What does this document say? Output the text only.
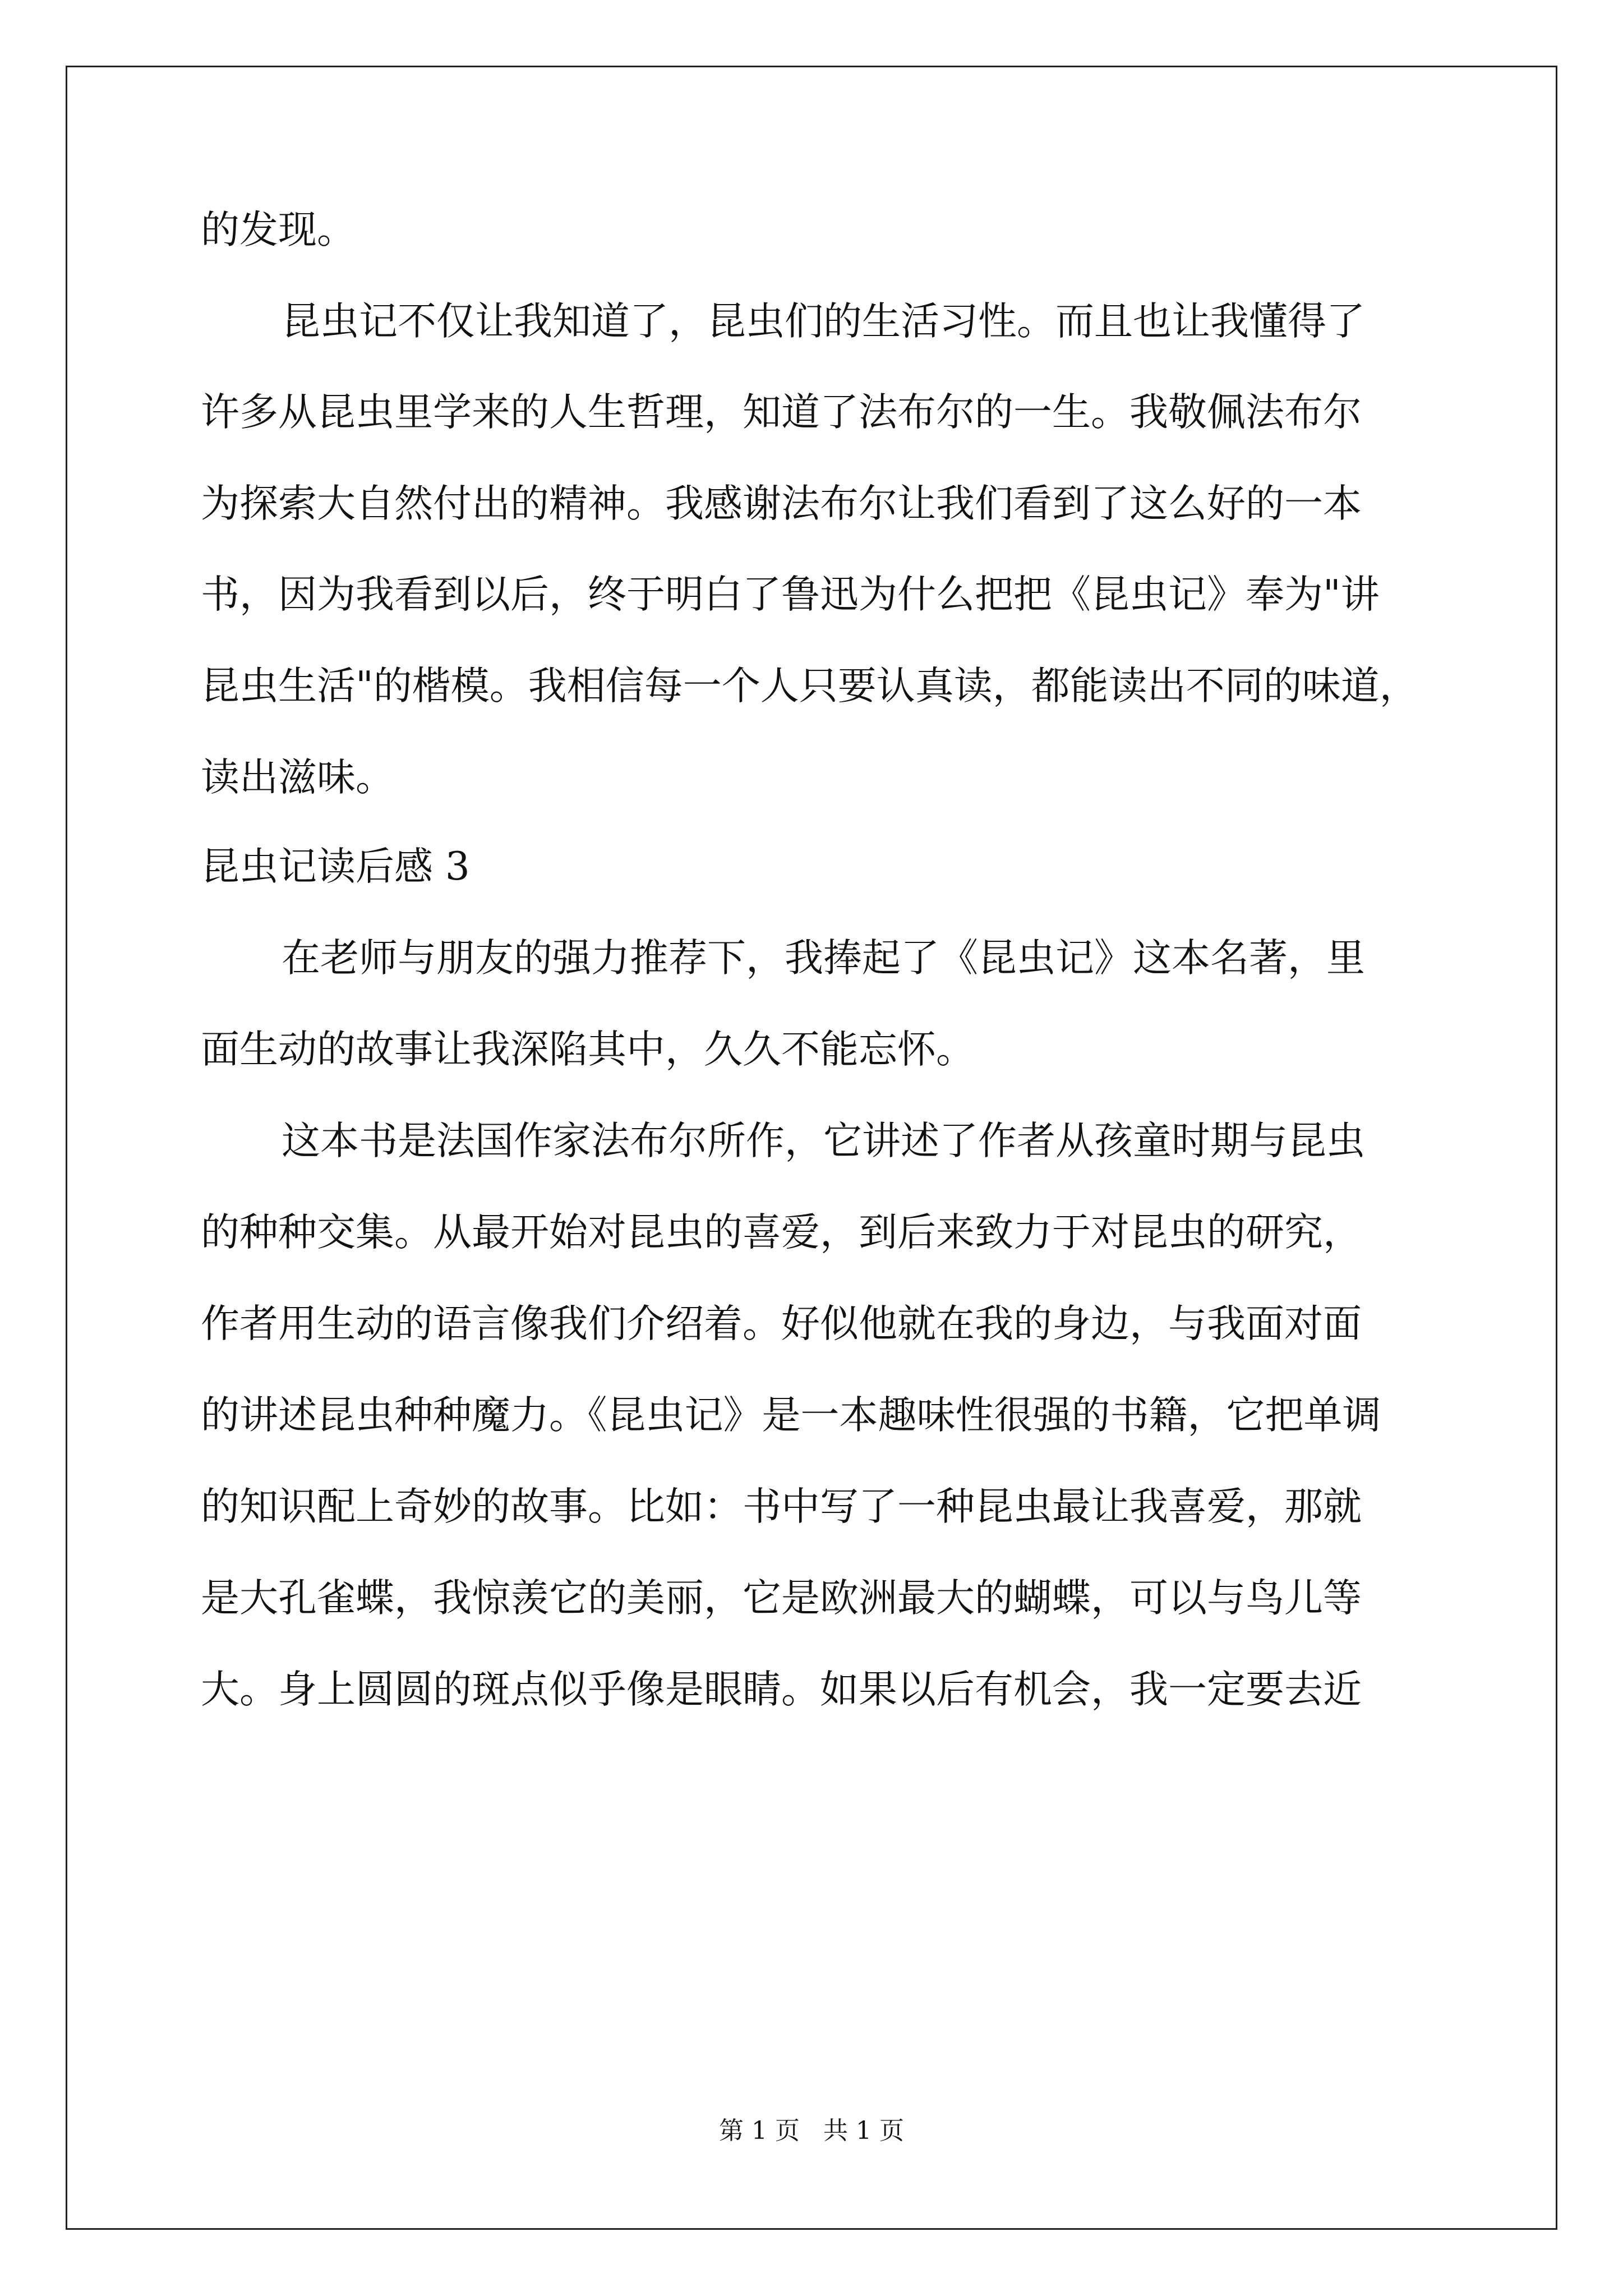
的发现。

昆虫记不仅让我知道了，昆虫们的生活习性。而且也让我懂得了

许多从昆虫里学来的人生哲理，知道了法布尔的一生。我敬佩法布尔

为探索大自然付出的精神。我感谢法布尔让我们看到了这么好的一本

书，因为我看到以后，终于明白了鲁迅为什么把把《昆虫记》奉为"讲

昆虫生活"的楷模。我相信每一个人只要认真读，都能读出不同的味道，

读出滋味。

昆虫记读后感 3

在老师与朋友的强力推荐下，我捧起了《昆虫记》这本名著，里

面生动的故事让我深陷其中，久久不能忘怀。

这本书是法国作家法布尔所作，它讲述了作者从孩童时期与昆虫

的种种交集。从最开始对昆虫的喜爱，到后来致力于对昆虫的研究，

作者用生动的语言像我们介绍着。好似他就在我的身边，与我面对面

的讲述昆虫种种魔力。《昆虫记》是一本趣味性很强的书籍，它把单调

的知识配上奇妙的故事。比如：书中写了一种昆虫最让我喜爱，那就

是大孔雀蝶，我惊羡它的美丽，它是欧洲最大的蝴蝶，可以与鸟儿等

大。身上圆圆的斑点似乎像是眼睛。如果以后有机会，我一定要去近

第 1 页   共 1 页
